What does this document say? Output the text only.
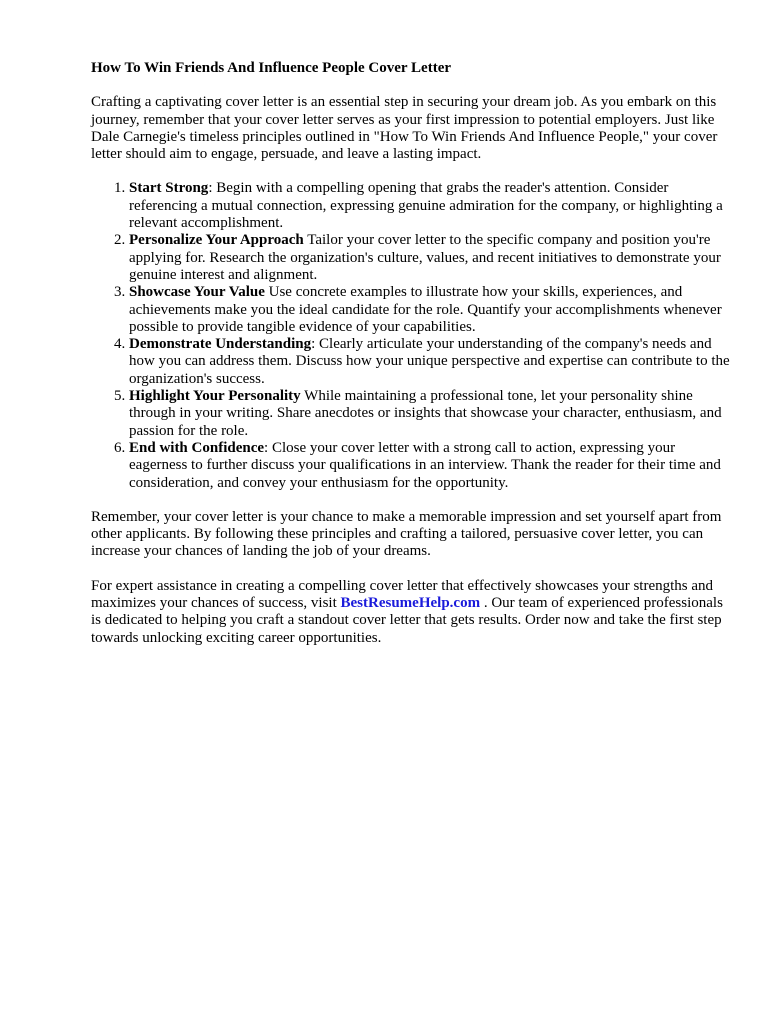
How To Win Friends And Influence People Cover Letter

Crafting a captivating cover letter is an essential step in securing your dream job. As you embark on this journey, remember that your cover letter serves as your first impression to potential employers. Just like Dale Carnegie's timeless principles outlined in "How To Win Friends And Influence People," your cover letter should aim to engage, persuade, and leave a lasting impact.

1. Start Strong: Begin with a compelling opening that grabs the reader's attention. Consider referencing a mutual connection, expressing genuine admiration for the company, or highlighting a relevant accomplishment.
2. Personalize Your Approach Tailor your cover letter to the specific company and position you're applying for. Research the organization's culture, values, and recent initiatives to demonstrate your genuine interest and alignment.
3. Showcase Your Value Use concrete examples to illustrate how your skills, experiences, and achievements make you the ideal candidate for the role. Quantify your accomplishments whenever possible to provide tangible evidence of your capabilities.
4. Demonstrate Understanding: Clearly articulate your understanding of the company's needs and how you can address them. Discuss how your unique perspective and expertise can contribute to the organization's success.
5. Highlight Your Personality While maintaining a professional tone, let your personality shine through in your writing. Share anecdotes or insights that showcase your character, enthusiasm, and passion for the role.
6. End with Confidence: Close your cover letter with a strong call to action, expressing your eagerness to further discuss your qualifications in an interview. Thank the reader for their time and consideration, and convey your enthusiasm for the opportunity.

Remember, your cover letter is your chance to make a memorable impression and set yourself apart from other applicants. By following these principles and crafting a tailored, persuasive cover letter, you can increase your chances of landing the job of your dreams.

For expert assistance in creating a compelling cover letter that effectively showcases your strengths and maximizes your chances of success, visit BestResumeHelp.com . Our team of experienced professionals is dedicated to helping you craft a standout cover letter that gets results. Order now and take the first step towards unlocking exciting career opportunities.
